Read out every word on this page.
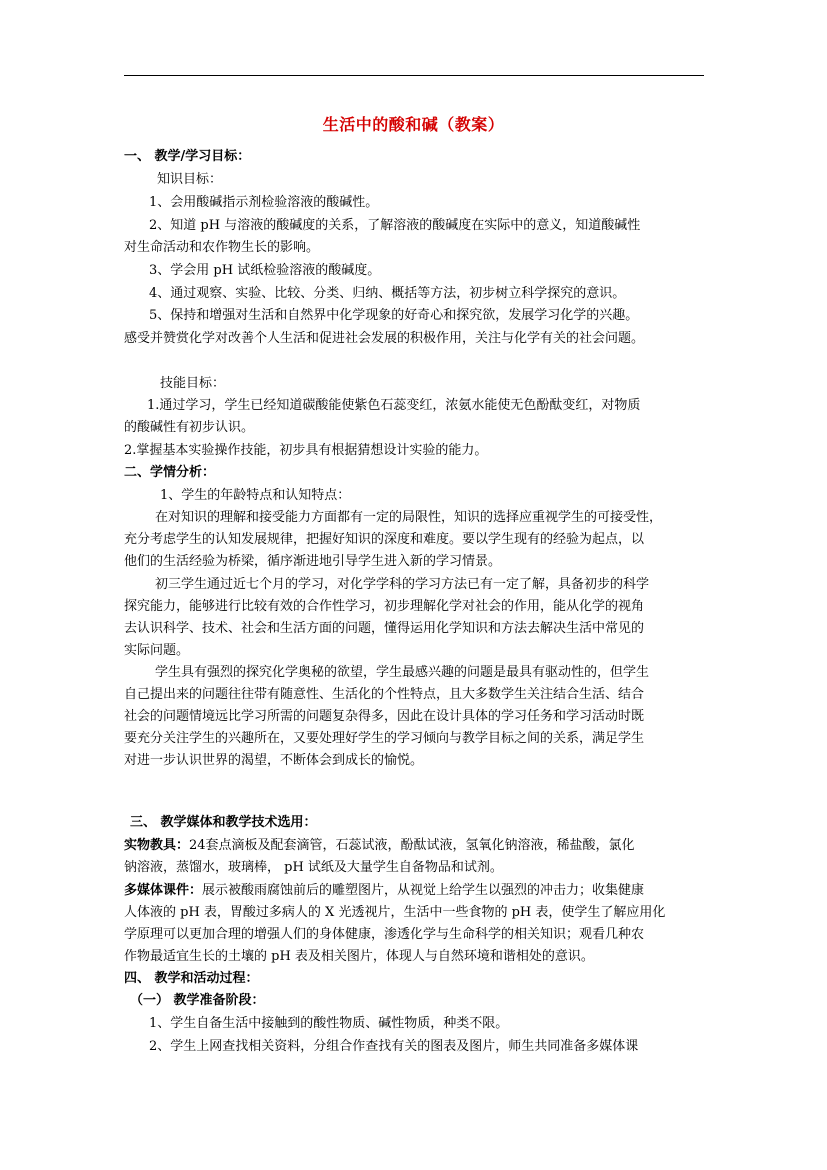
生活中的酸和碱（教案）
一、 教学/学习目标：
知识目标：
1、会用酸碱指示剂检验溶液的酸碱性。
2、知道 pH 与溶液的酸碱度的关系，了解溶液的酸碱度在实际中的意义，知道酸碱性
对生命活动和农作物生长的影响。
3、学会用 pH 试纸检验溶液的酸碱度。
4、通过观察、实验、比较、分类、归纳、概括等方法，初步树立科学探究的意识。
5、保持和增强对生活和自然界中化学现象的好奇心和探究欲，发展学习化学的兴趣。
感受并赞赏化学对改善个人生活和促进社会发展的积极作用，关注与化学有关的社会问题。
技能目标：
1.通过学习，学生已经知道碳酸能使紫色石蕊变红，浓氨水能使无色酚酞变红，对物质
的酸碱性有初步认识。
2.掌握基本实验操作技能，初步具有根据猜想设计实验的能力。
二、学情分析：
1、学生的年龄特点和认知特点：
在对知识的理解和接受能力方面都有一定的局限性，知识的选择应重视学生的可接受性，
充分考虑学生的认知发展规律，把握好知识的深度和难度。要以学生现有的经验为起点，以
他们的生活经验为桥梁，循序渐进地引导学生进入新的学习情景。
初三学生通过近七个月的学习，对化学学科的学习方法已有一定了解，具备初步的科学
探究能力，能够进行比较有效的合作性学习，初步理解化学对社会的作用，能从化学的视角
去认识科学、技术、社会和生活方面的问题，懂得运用化学知识和方法去解决生活中常见的
实际问题。
学生具有强烈的探究化学奥秘的欲望，学生最感兴趣的问题是最具有驱动性的，但学生
自己提出来的问题往往带有随意性、生活化的个性特点，且大多数学生关注结合生活、结合
社会的问题情境远比学习所需的问题复杂得多，因此在设计具体的学习任务和学习活动时既
要充分关注学生的兴趣所在，又要处理好学生的学习倾向与教学目标之间的关系，满足学生
对进一步认识世界的渴望，不断体会到成长的愉悦。
三、 教学媒体和教学技术选用：
实物教具：24套点滴板及配套滴管，石蕊试液，酚酞试液，氢氧化钠溶液，稀盐酸，氯化
钠溶液，蒸馏水，玻璃棒， pH 试纸及大量学生自备物品和试剂。
多媒体课件：展示被酸雨腐蚀前后的雕塑图片，从视觉上给学生以强烈的冲击力；收集健康
人体液的 pH 表，胃酸过多病人的 X 光透视片，生活中一些食物的 pH 表，使学生了解应用化
学原理可以更加合理的增强人们的身体健康，渗透化学与生命科学的相关知识；观看几种农
作物最适宜生长的土壤的 pH 表及相关图片，体现人与自然环境和谐相处的意识。
四、 教学和活动过程：
（一） 教学准备阶段：
1、学生自备生活中接触到的酸性物质、碱性物质，种类不限。
2、学生上网查找相关资料，分组合作查找有关的图表及图片，师生共同准备多媒体课
